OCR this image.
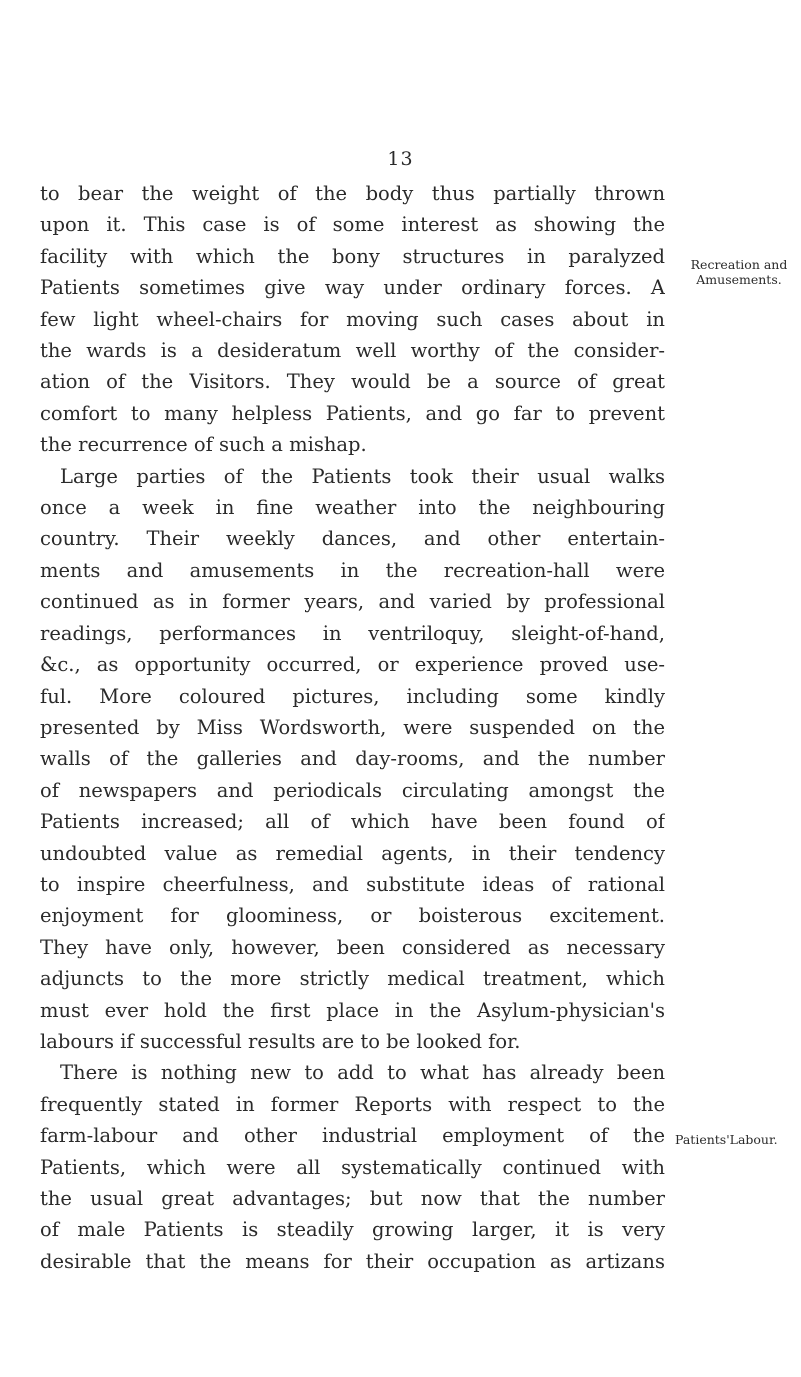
13

to bear the weight of the body thus partially thrown
upon it. This case is of some interest as showing the
facility with which the bony structures in paralyzed
Patients sometimes give way under ordinary forces. A
few light wheel-chairs for moving such cases about in
the wards is a desideratum well worthy of the consider-
ation of the Visitors. They would be a source of great
comfort to many helpless Patients, and go far to prevent
the recurrence of such a mishap.

Large parties of the Patients took their usual walks
once a week in fine weather into the neighbouring
country. Their weekly dances, and other entertain-
ments and amusements in the recreation-hall were
continued as in former years, and varied by professional
readings, performances in ventriloquy, sleight-of-hand,
&c., as opportunity occurred, or experience proved use-
ful. More coloured pictures, including some kindly
presented by Miss Wordsworth, were suspended on the
walls of the galleries and day-rooms, and the number
of newspapers and periodicals circulating amongst the
Patients increased; all of which have been found of
undoubted value as remedial agents, in their tendency
to inspire cheerfulness, and substitute ideas of rational
enjoyment for gloominess, or boisterous excitement.
They have only, however, been considered as necessary
adjuncts to the more strictly medical treatment, which
must ever hold the first place in the Asylum-physician's
labours if successful results are to be looked for.

There is nothing new to add to what has already been
frequently stated in former Reports with respect to the
farm-labour and other industrial employment of the
Patients, which were all systematically continued with
the usual great advantages; but now that the number
of male Patients is steadily growing larger, it is very
desirable that the means for their occupation as artizans

Recreation and
Amusements.
Patients'Labour.
